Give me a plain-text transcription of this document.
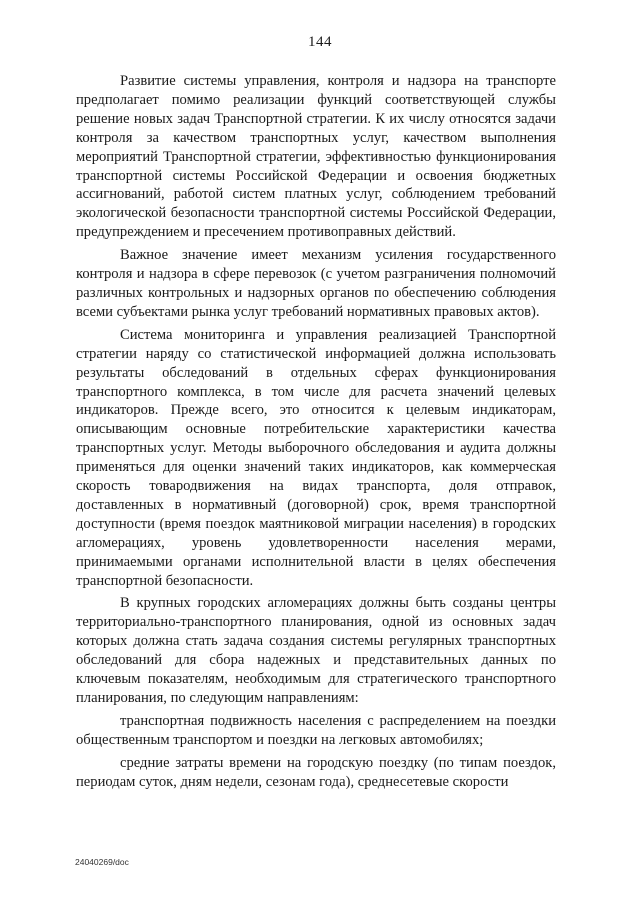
144

Развитие системы управления, контроля и надзора на транспорте предполагает помимо реализации функций соответствующей службы решение новых задач Транспортной стратегии. К их числу относятся задачи контроля за качеством транспортных услуг, качеством выполнения мероприятий Транспортной стратегии, эффективностью функционирования транспортной системы Российской Федерации и освоения бюджетных ассигнований, работой систем платных услуг, соблюдением требований экологической безопасности транспортной системы Российской Федерации, предупреждением и пресечением противоправных действий.

Важное значение имеет механизм усиления государственного контроля и надзора в сфере перевозок (с учетом разграничения полномочий различных контрольных и надзорных органов по обеспечению соблюдения всеми субъектами рынка услуг требований нормативных правовых актов).

Система мониторинга и управления реализацией Транспортной стратегии наряду со статистической информацией должна использовать результаты обследований в отдельных сферах функционирования транспортного комплекса, в том числе для расчета значений целевых индикаторов. Прежде всего, это относится к целевым индикаторам, описывающим основные потребительские характеристики качества транспортных услуг. Методы выборочного обследования и аудита должны применяться для оценки значений таких индикаторов, как коммерческая скорость товародвижения на видах транспорта, доля отправок, доставленных в нормативный (договорной) срок, время транспортной доступности (время поездок маятниковой миграции населения) в городских агломерациях, уровень удовлетворенности населения мерами, принимаемыми органами исполнительной власти в целях обеспечения транспортной безопасности.

В крупных городских агломерациях должны быть созданы центры территориально-транспортного планирования, одной из основных задач которых должна стать задача создания системы регулярных транспортных обследований для сбора надежных и представительных данных по ключевым показателям, необходимым для стратегического транспортного планирования, по следующим направлениям:

транспортная подвижность населения с распределением на поездки общественным транспортом и поездки на легковых автомобилях;

средние затраты времени на городскую поездку (по типам поездок, периодам суток, дням недели, сезонам года), среднесетевые скорости

24040269/doc
